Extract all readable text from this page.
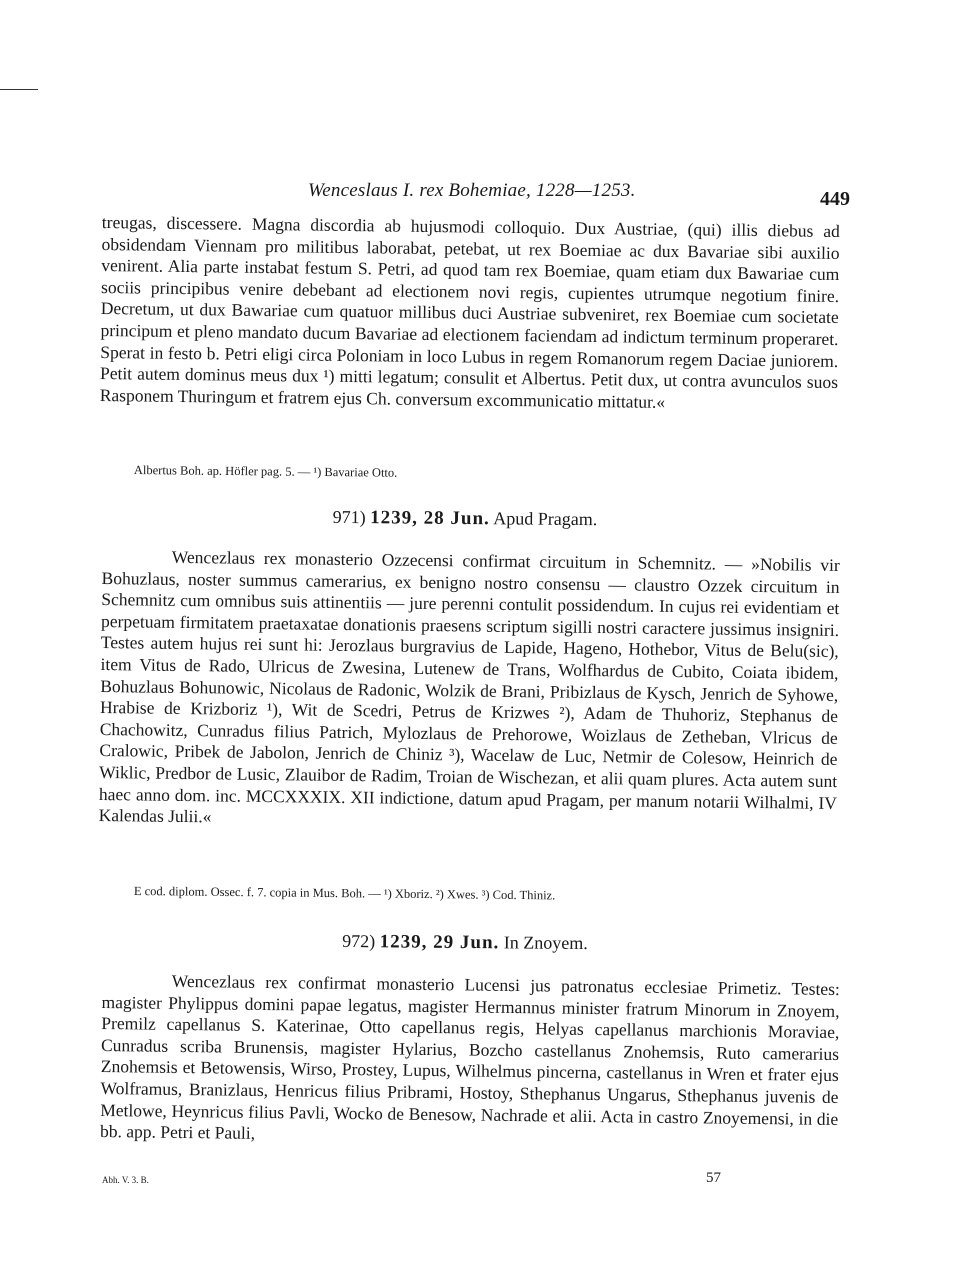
Wenceslaus I. rex Bohemiae, 1228—1253.	449

treugas, discessere. Magna discordia ab hujusmodi colloquio. Dux Austriae, (qui) illis diebus ad obsidendam Viennam pro militibus laborabat, petebat, ut rex Boemiae ac dux Bavariae sibi auxilio venirent. Alia parte instabat festum S. Petri, ad quod tam rex Boemiae, quam etiam dux Bawariae cum sociis principibus venire debebant ad electionem novi regis, cupientes utrumque negotium finire. Decretum, ut dux Bawariae cum quatuor millibus duci Austriae subveniret, rex Boemiae cum societate principum et pleno mandato ducum Bavariae ad electionem faciendam ad indictum terminum properaret. Sperat in festo b. Petri eligi circa Poloniam in loco Lubus in regem Romanorum regem Daciae juniorem. Petit autem dominus meus dux ¹) mitti legatum; consulit et Albertus. Petit dux, ut contra avunculos suos Rasponem Thuringum et fratrem ejus Ch. conversum excommunicatio mittatur.«

Albertus Boh. ap. Höfler pag. 5. — ¹) Bavariae Otto.
971) 1239, 28 Jun. Apud Pragam.

Wencezlaus rex monasterio Ozzecensi confirmat circuitum in Schemnitz. — »Nobilis vir Bohuzlaus, noster summus camerarius, ex benigno nostro consensu — claustro Ozzek circuitum in Schemnitz cum omnibus suis attinentiis — jure perenni contulit possidendum. In cujus rei evidentiam et perpetuam firmitatem praetaxatae donationis praesens scriptum sigilli nostri caractere jussimus insigniri. Testes autem hujus rei sunt hi: Jerozlaus burgravius de Lapide, Hageno, Hothebor, Vitus de Belu(sic), item Vitus de Rado, Ulricus de Zwesina, Lutenew de Trans, Wolfhardus de Cubito, Coiata ibidem, Bohuzlaus Bohunowic, Nicolaus de Radonic, Wolzik de Brani, Pribizlaus de Kysch, Jenrich de Syhowe, Hrabise de Krizboriz ¹), Wit de Scedri, Petrus de Krizwes ²), Adam de Thuhoriz, Stephanus de Chachowitz, Cunradus filius Patrich, Mylozlaus de Prehorowe, Woizlaus de Zetheban, Vlricus de Cralowic, Pribek de Jabolon, Jenrich de Chiniz ³), Wacelaw de Luc, Netmir de Colesow, Heinrich de Wiklic, Predbor de Lusic, Zlauibor de Radim, Troian de Wischezan, et alii quam plures. Acta autem sunt haec anno dom. inc. MCCXXXIX. XII indictione, datum apud Pragam, per manum notarii Wilhalmi, IV Kalendas Julii.«

E cod. diplom. Ossec. f. 7. copia in Mus. Boh. — ¹) Xboriz. ²) Xwes. ³) Cod. Thiniz.
972) 1239, 29 Jun. In Znoyem.

Wencezlaus rex confirmat monasterio Lucensi jus patronatus ecclesiae Primetiz. Testes: magister Phylippus domini papae legatus, magister Hermannus minister fratrum Minorum in Znoyem, Premilz capellanus S. Katerinae, Otto capellanus regis, Helyas capellanus marchionis Moraviae, Cunradus scriba Brunensis, magister Hylarius, Bozcho castellanus Znohemsis, Ruto camerarius Znohemsis et Betowensis, Wirso, Prostey, Lupus, Wilhelmus pincerna, castellanus in Wren et frater ejus Wolframus, Branizlaus, Henricus filius Pribrami, Hostoy, Sthephanus Ungarus, Sthephanus juvenis de Metlowe, Heynricus filius Pavli, Wocko de Benesow, Nachrade et alii. Acta in castro Znoyemensi, in die bb. app. Petri et Pauli,

Abh. V. 3. B.	57
